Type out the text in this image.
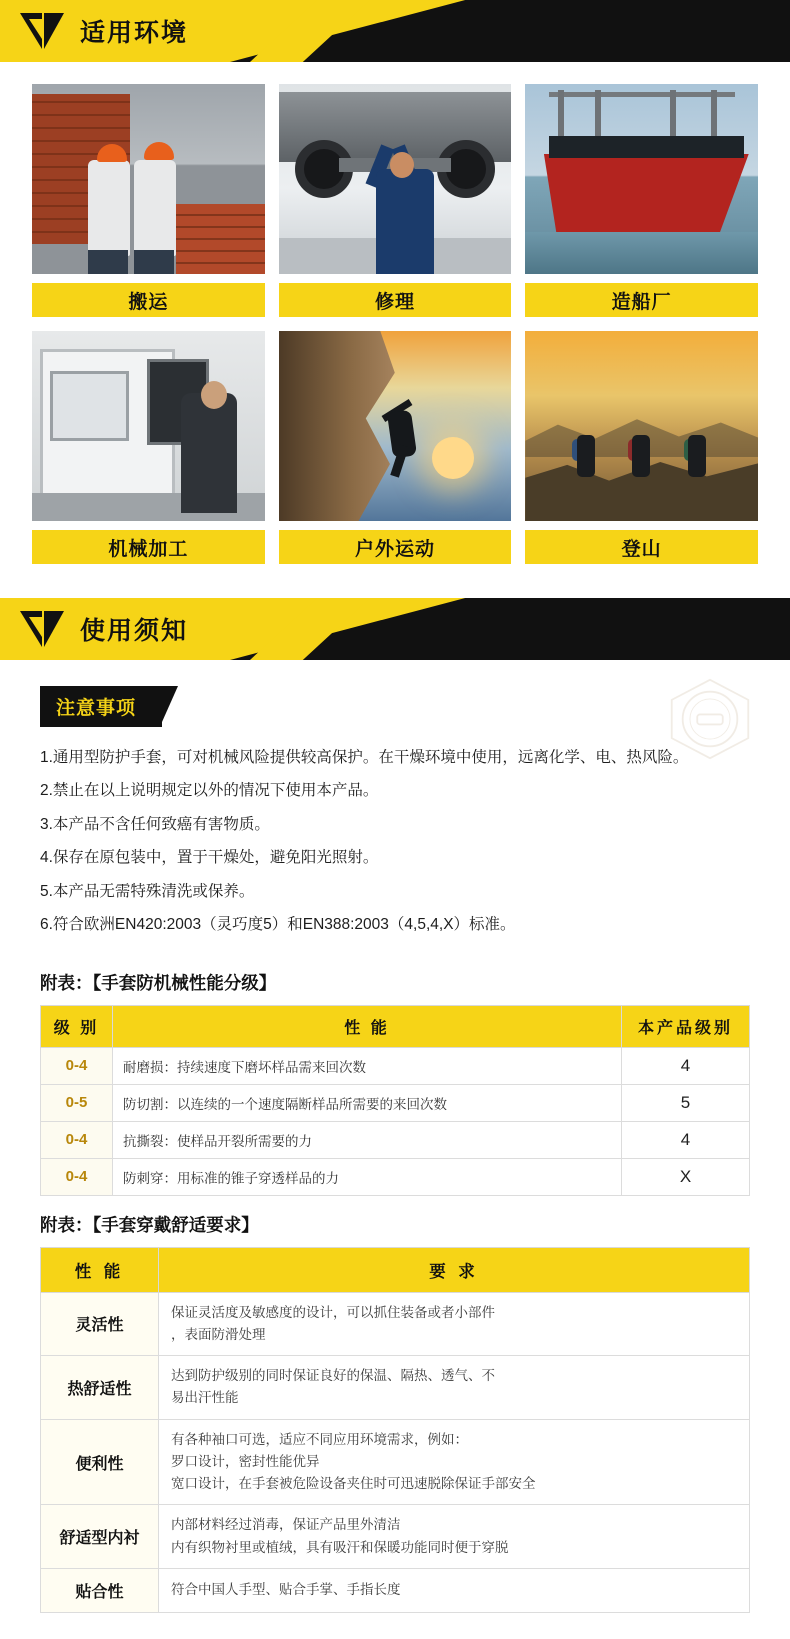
适用环境
搬运	修理	造船厂
机械加工	户外运动	登山
使用须知
注意事项
1.通用型防护手套，可对机械风险提供较高保护。在干燥环境中使用，远离化学、电、热风险。
2.禁止在以上说明规定以外的情况下使用本产品。
3.本产品不含任何致癌有害物质。
4.保存在原包装中，置于干燥处，避免阳光照射。
5.本产品无需特殊清洗或保养。
6.符合欧洲EN420:2003（灵巧度5）和EN388:2003（4,5,4,X）标准。
附表：【手套防机械性能分级】
级 别	性 能	本产品级别
0-4	耐磨损：持续速度下磨坏样品需来回次数	4
0-5	防切割：以连续的一个速度隔断样品所需要的来回次数	5
0-4	抗撕裂：使样品开裂所需要的力	4
0-4	防刺穿：用标准的锥子穿透样品的力	X
附表：【手套穿戴舒适要求】
性 能	要 求
灵活性	保证灵活度及敏感度的设计，可以抓住装备或者小部件
，表面防滑处理

热舒适性	达到防护级别的同时保证良好的保温、隔热、透气、不
易出汗性能

便利性	有各种袖口可选，适应不同应用环境需求，例如：
罗口设计，密封性能优异
宽口设计，在手套被危险设备夹住时可迅速脱除保证手部安全

舒适型内衬	内部材料经过消毒，保证产品里外清洁
内有织物衬里或植绒，具有吸汗和保暖功能同时便于穿脱

贴合性	符合中国人手型、贴合手掌、手指长度
